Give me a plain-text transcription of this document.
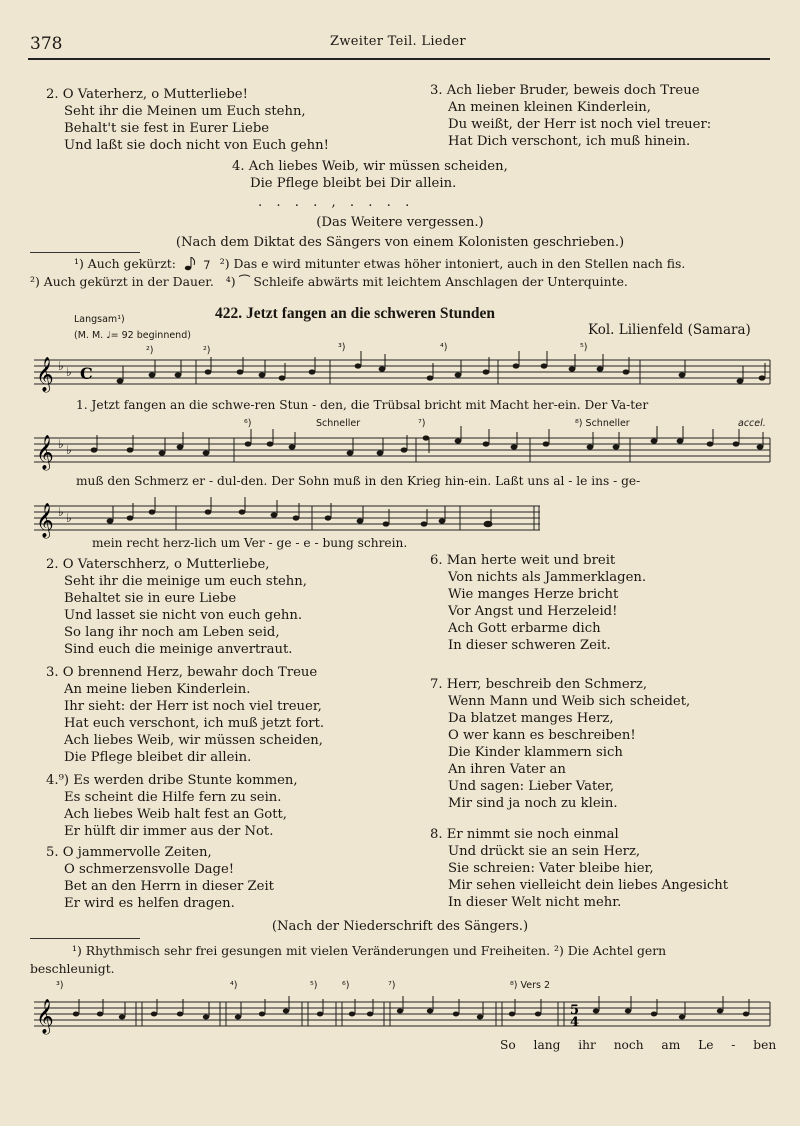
378	Zweiter Teil. Lieder
2. O Vaterherz, o Mutterliebe!
Seht ihr die Meinen um Euch stehn,
Behalt't sie fest in Eurer Liebe
Und laßt sie doch nicht von Euch gehn!
3. Ach lieber Bruder, beweis doch Treue
An meinen kleinen Kinderlein,
Du weißt, der Herr ist noch viel treuer:
Hat Dich verschont, ich muß hinein.
4. Ach liebes Weib, wir müssen scheiden,
Die Pflege bleibt bei Dir allein.
. . . . , . . . .
(Das Weitere vergessen.)
(Nach dem Diktat des Sängers von einem Kolonisten geschrieben.)
¹) Auch gekürzt:	²) Das e wird mitunter etwas höher intoniert, auch in den Stellen nach fis.
²) Auch gekürzt in der Dauer. ⁴) ⁀ Schleife abwärts mit leichtem Anschlagen der Unterquinte.
Langsam¹)	422. Jetzt fangen an die schweren Stunden
(M. M. ♩= 92 beginnend)	Kol. Lilienfeld (Samara)
𝄞 ♭ ♭ C
²)	²)	³)	⁴)	⁵)
1. Jetzt fangen an die schwe-ren Stun - den, die Trübsal bricht mit Macht her-ein. Der Va-ter
⁶)	Schneller	⁷)	⁸) Schneller	accel.
𝄞 ♭ ♭
muß den Schmerz er - dul-den. Der Sohn muß in den Krieg hin-ein. Laßt uns al - le ins - ge-
𝄞 ♭ ♭
mein recht herz-lich um Ver - ge - e - bung schrein.
2. O Vaterschherz, o Mutterliebe,
Seht ihr die meinige um euch stehn,
Behaltet sie in eure Liebe
Und lasset sie nicht von euch gehn.
So lang ihr noch am Leben seid,
Sind euch die meinige anvertraut.
3. O brennend Herz, bewahr doch Treue
An meine lieben Kinderlein.
Ihr sieht: der Herr ist noch viel treuer,
Hat euch verschont, ich muß jetzt fort.
Ach liebes Weib, wir müssen scheiden,
Die Pflege bleibet dir allein.
4.⁹) Es werden dribe Stunte kommen,
Es scheint die Hilfe fern zu sein.
Ach liebes Weib halt fest an Gott,
Er hülft dir immer aus der Not.
5. O jammervolle Zeiten,
O schmerzensvolle Dage!
Bet an den Herrn in dieser Zeit
Er wird es helfen dragen.
6. Man herte weit und breit
Von nichts als Jammerklagen.
Wie manges Herze bricht
Vor Angst und Herzeleid!
Ach Gott erbarme dich
In dieser schweren Zeit.
7. Herr, beschreib den Schmerz,
Wenn Mann und Weib sich scheidet,
Da blatzet manges Herz,
O wer kann es beschreiben!
Die Kinder klammern sich
An ihren Vater an
Und sagen: Lieber Vater,
Mir sind ja noch zu klein.
8. Er nimmt sie noch einmal
Und drückt sie an sein Herz,
Sie schreien: Vater bleibe hier,
Mir sehen vielleicht dein liebes Angesicht
In dieser Welt nicht mehr.
(Nach der Niederschrift des Sängers.)
¹) Rhythmisch sehr frei gesungen mit vielen Veränderungen und Freiheiten. ²) Die Achtel gern
beschleunigt.
³)	⁴)	⁵)	⁶)	⁷)	⁸) Vers 2
𝄞	5
4
So lang ihr noch am Le - ben
